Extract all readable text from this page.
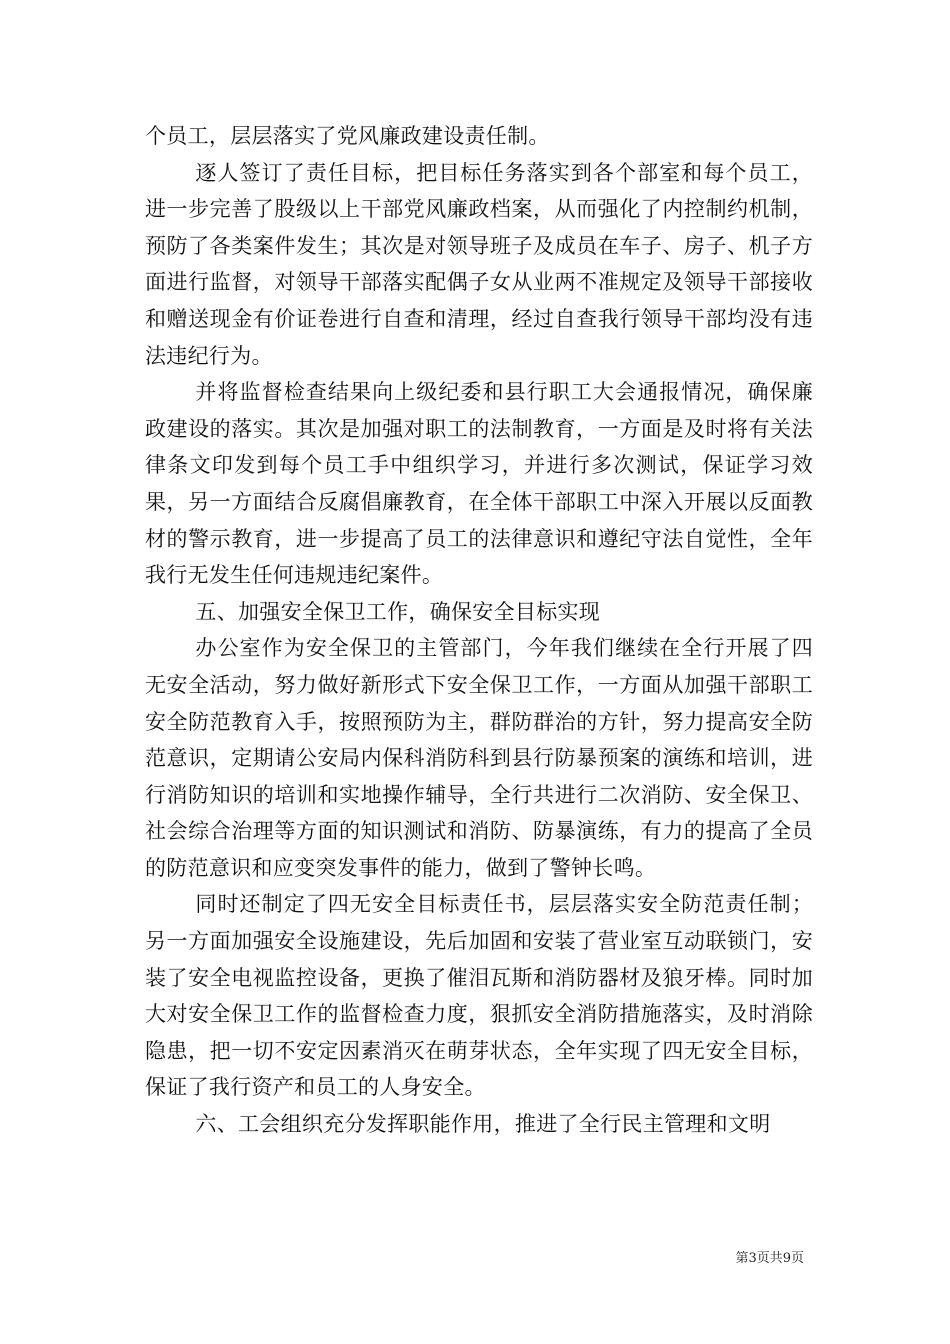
个员工，层层落实了党风廉政建设责任制。

逐人签订了责任目标，把目标任务落实到各个部室和每个员工，进一步完善了股级以上干部党风廉政档案，从而强化了内控制约机制，预防了各类案件发生；其次是对领导班子及成员在车子、房子、机子方面进行监督，对领导干部落实配偶子女从业两不准规定及领导干部接收和赠送现金有价证卷进行自查和清理，经过自查我行领导干部均没有违法违纪行为。

并将监督检查结果向上级纪委和县行职工大会通报情况，确保廉政建设的落实。其次是加强对职工的法制教育，一方面是及时将有关法律条文印发到每个员工手中组织学习，并进行多次测试，保证学习效果，另一方面结合反腐倡廉教育，在全体干部职工中深入开展以反面教材的警示教育，进一步提高了员工的法律意识和遵纪守法自觉性，全年我行无发生任何违规违纪案件。

五、加强安全保卫工作，确保安全目标实现

办公室作为安全保卫的主管部门，今年我们继续在全行开展了四无安全活动，努力做好新形式下安全保卫工作，一方面从加强干部职工安全防范教育入手，按照预防为主，群防群治的方针，努力提高安全防范意识，定期请公安局内保科消防科到县行防暴预案的演练和培训，进行消防知识的培训和实地操作辅导，全行共进行二次消防、安全保卫、社会综合治理等方面的知识测试和消防、防暴演练，有力的提高了全员的防范意识和应变突发事件的能力，做到了警钟长鸣。

同时还制定了四无安全目标责任书，层层落实安全防范责任制；另一方面加强安全设施建设，先后加固和安装了营业室互动联锁门，安装了安全电视监控设备，更换了催泪瓦斯和消防器材及狼牙棒。同时加大对安全保卫工作的监督检查力度，狠抓安全消防措施落实，及时消除隐患，把一切不安定因素消灭在萌芽状态，全年实现了四无安全目标，保证了我行资产和员工的人身安全。

六、工会组织充分发挥职能作用，推进了全行民主管理和文明

第3页共9页
